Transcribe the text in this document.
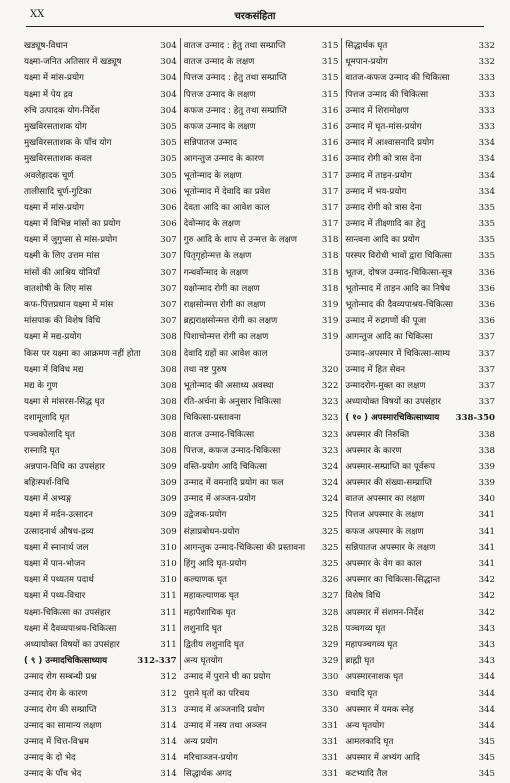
XX	चरकसंहिता
खड्यूष-विधान	304
यक्ष्मा-जनित अतिसार में खड्यूष	304
यक्ष्मा में मांस-प्रयोग	304
यक्ष्मा में पेय द्रव	304
रुचि उत्पादक योग-निर्देश	304
मुखविरसताशक योग	305
मुखविरसताशक के पाँच योग	305
मुखविरसताशक कवल	305
अवलेहादक चूर्ण	305
तालीसादि चूर्ण-गुटिका	306
यक्ष्मा में मांस-प्रयोग	306
यक्ष्मा में विभिन्न मांसों का प्रयोग	306
यक्ष्मा में जुगुप्सा से मांस-प्रयोग	307
यक्ष्मी के लिए उत्तम मांस	307
मांसों की आश्रिय योनियाँ	307
वातशोषी के लिए मांस	307
कफ-पित्तप्रधान यक्ष्मा में मांस	307
मांसपाक की विशेष विधि	307
यक्ष्मा में मद्य-प्रयोग	308
किस पर यक्ष्मा का आक्रमण नहीं होता	308
यक्ष्मा में विविध मद्य	308
मद्य के गुण	308
यक्ष्मा से मांसरस-सिद्ध घृत	308
दशामूलादि घृत	308
पञ्चकोलादि घृत	308
रास्नादि घृत	308
अन्नपान-विधि का उपसंहार	309
बहिःस्पर्श-विधि	309
यक्ष्मा में अभ्यङ्ग	309
यक्ष्मा में मर्दन-उत्सादन	309
उत्सादनार्थ औषध-द्रव्य	309
यक्ष्मा में स्नानार्थ जल	310
यक्ष्मा में पान-भोजन	310
यक्ष्मा में पथ्यतम पदार्थ	310
यक्ष्मा में पथ्य-विचार	311
यक्ष्मा-चिकित्सा का उपसंहार	311
यक्ष्मा में दैवव्यपाश्रय-चिकित्सा	311
अध्यायोक्त विषयों का उपसंहार	311
( ९ ) उन्मादचिकित्साध्याय	312-337
उन्माद रोग सम्बन्धी प्रश्न	312
उन्माद रोग के कारण	312
उन्माद रोग की सम्प्राप्ति	313
उन्माद का सामान्य लक्षण	314
उन्माद में चित्त-विभ्रम	314
उन्माद के दो भेद	314
उन्माद के पाँच भेद	314
वातज उन्माद : हेतु तथा सम्प्राप्ति	315
वातज उन्माद के लक्षण	315
पित्तज उन्माद : हेतु तथा सम्प्राप्ति	315
पित्तज उन्माद के लक्षण	315
कफज उन्माद : हेतु तथा सम्प्राप्ति	316
कफज उन्माद के लक्षण	316
सन्निपातज उन्माद	316
आगन्तुज उन्माद के कारण	316
भूतोन्माद के लक्षण	317
भूतोन्माद में देवादि का प्रवेश	317
देवता आदि का आवेश काल	317
देवोन्माद के लक्षण	317
गुरु आदि के शाप से उन्मत्त के लक्षण	318
पितृगृहोन्मत्त के लक्षण	318
गन्धर्वोन्माद के लक्षण	318
यक्षोन्माद रोगी का लक्षण	318
राक्षसोन्मत्त रोगी का लक्षण	319
ब्रह्मराक्षसोन्मत्त रोगी का लक्षण	319
पिशाचोन्मत्त रोगी का लक्षण	319
देवादि ग्रहों का आवेश काल
तथा नष्ट पुरुष	320
भूतोन्माद की असाध्य अवस्था	322
रति-अर्चना के अनुसार चिकित्सा	323
चिकित्सा-प्रस्तावना	323
वातज उन्माद-चिकित्सा	323
पित्तज, कफज उन्माद-चिकित्सा	323
वस्ति-प्रयोग आदि चिकित्सा	324
उन्माद में वमनादि प्रयोग का फल	324
उन्माद में अञ्जन-प्रयोग	324
उद्वेजक-प्रयोग	325
संज्ञाप्रबोधन-प्रयोग	325
आगन्तुक उन्माद-चिकित्सा की प्रस्तावना	325
हिंगु आदि घृत-प्रयोग	325
कल्याणक घृत	326
महाकल्याणक घृत	327
महापैशाचिक घृत	328
लशुनादि घृत	328
द्वितीय लशुनादि घृत	329
अन्य घृतयोग	329
उन्माद में पुराने घी का प्रयोग	330
पुराने घृतों का परिचय	330
उन्माद में अञ्जनादि प्रयोग	330
उन्माद में नस्य तथा अञ्जन	331
अन्य प्रयोग	331
मरिचाञ्जन-प्रयोग	331
सिद्धार्थक अगद	331
सिद्धार्थक घृत	332
धूमपान-प्रयोग	332
वातज-कफज उन्माद की चिकित्सा	333
पित्तज उन्माद की चिकित्सा	333
उन्माद में शिरामोक्षण	333
उन्माद में घृत-मांस-प्रयोग	333
उन्माद में आश्वासनादि प्रयोग	334
उन्माद रोगी को त्रास देना	334
उन्माद में ताड़न-प्रयोग	334
उन्माद में भय-प्रयोग	334
उन्माद रोगी को त्रास देना	335
उन्माद में तीक्ष्णादि का हेतु	335
सान्त्वना आदि का प्रयोग	335
परस्पर विरोधी भावों द्वारा चिकित्सा	335
भूतज, दोषज उन्माद-चिकित्सा-सूत्र	336
भूतोन्माद में ताड़न आदि का निषेध	336
भूतोन्माद की दैवव्यपाश्रय-चिकित्सा	336
उन्माद में रुद्रगणों की पूजा	336
आगन्तुज आदि का चिकित्सा	337
उन्माद-अपस्मार में चिकित्सा-साम्य	337
उन्माद में हित सेवन	337
उन्मादरोग-मुक्त का लक्षण	337
अध्यायोक्त विषयों का उपसंहार	337
( १० ) अपस्मारचिकित्साध्याय	338-350
अपस्मार की निरुक्ति	338
अपस्मार के कारण	338
अपस्मार-सम्प्राप्ति का पूर्वरूप	339
अपस्मार की संख्या-सम्प्राप्ति	339
वातज अपस्मार का लक्षण	340
पित्तज अपस्मार के लक्षण	341
कफज अपस्मार के लक्षण	341
सन्निपातज अपस्मार के लक्षण	341
अपस्मार के वेग का काल	341
अपस्मार का चिकित्सा-सिद्धान्त	342
विशेष विधि	342
अपस्मार में संशमन-निर्देश	342
पञ्चगव्य घृत	343
महापञ्चगव्य घृत	343
ब्राह्मी घृत	343
अपस्मारनाशक घृत	344
वचादि घृत	344
अपस्मार में यमक स्नेह	344
अन्य घृतयोग	344
आमलकादि घृत	345
अपस्मार में अभ्यंग आदि	345
कटभ्यादि तैल	345
